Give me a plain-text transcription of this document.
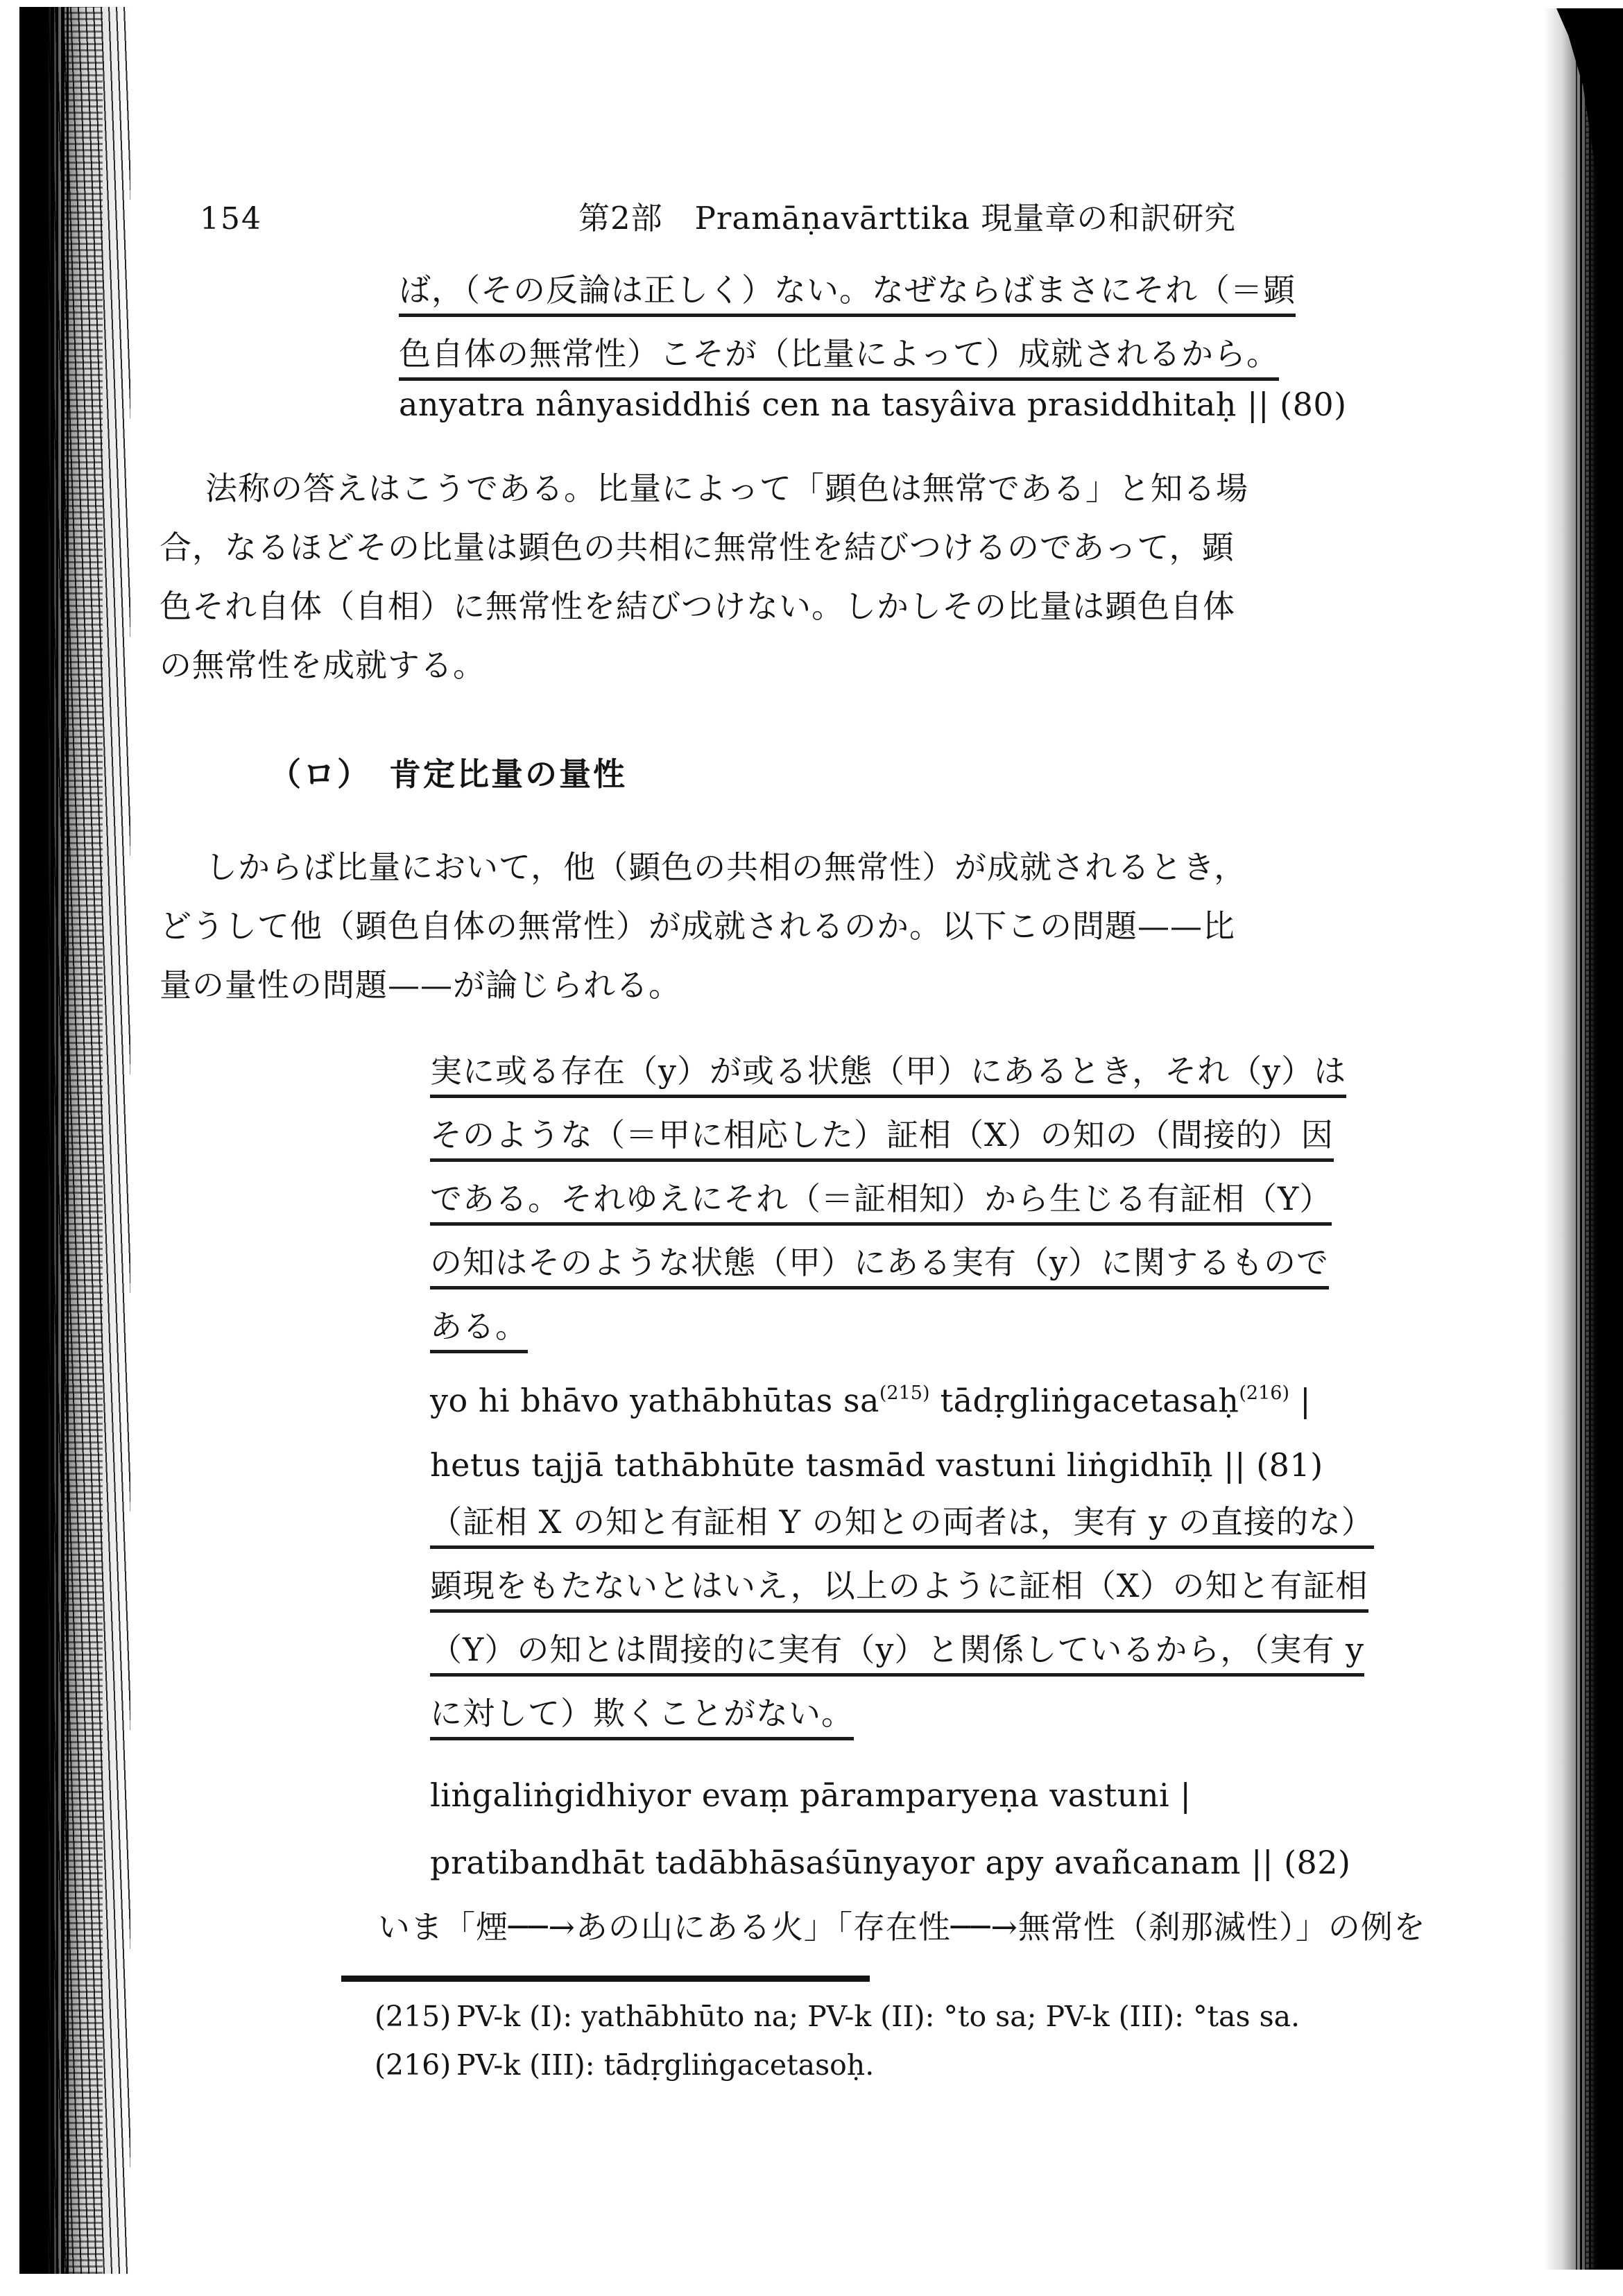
154	第2部　Pramāṇavārttika 現量章の和訳研究
ば，（その反論は正しく）ない。なぜならばまさにそれ（＝顕
色自体の無常性）こそが（比量によって）成就されるから。
anyatra nânyasiddhiś cen na tasyâiva prasiddhitaḥ || (80)
法称の答えはこうである。比量によって「顕色は無常である」と知る場
合，なるほどその比量は顕色の共相に無常性を結びつけるのであって，顕
色それ自体（自相）に無常性を結びつけない。しかしその比量は顕色自体
の無常性を成就する。
（ロ）　肯定比量の量性
しからば比量において，他（顕色の共相の無常性）が成就されるとき，
どうして他（顕色自体の無常性）が成就されるのか。以下この問題——比
量の量性の問題——が論じられる。
実に或る存在（y）が或る状態（甲）にあるとき，それ（y）は
そのような（＝甲に相応した）証相（X）の知の（間接的）因
である。それゆえにそれ（＝証相知）から生じる有証相（Y）
の知はそのような状態（甲）にある実有（y）に関するもので
ある。
yo hi bhāvo yathābhūtas sa$^{(215)}$ tādṛgliṅgacetasaḥ$^{(216)}$ |
hetus tajjā tathābhūte tasmād vastuni liṅgidhīḥ || (81)
（証相 X の知と有証相 Y の知との両者は，実有 y の直接的な）
顕現をもたないとはいえ，以上のように証相（X）の知と有証相
（Y）の知とは間接的に実有（y）と関係しているから，（実有 y
に対して）欺くことがない。
liṅgaliṅgidhiyor evaṃ pāramparyeṇa vastuni |
pratibandhāt tadābhāsaśūnyayor apy avañcanam || (82)
いま「煙──→あの山にある火」「存在性──→無常性（刹那滅性）」の例を
(215) PV-k (I): yathābhūto na; PV-k (II): °to sa; PV-k (III): °tas sa.
(216) PV-k (III): tādṛgliṅgacetasoḥ.
